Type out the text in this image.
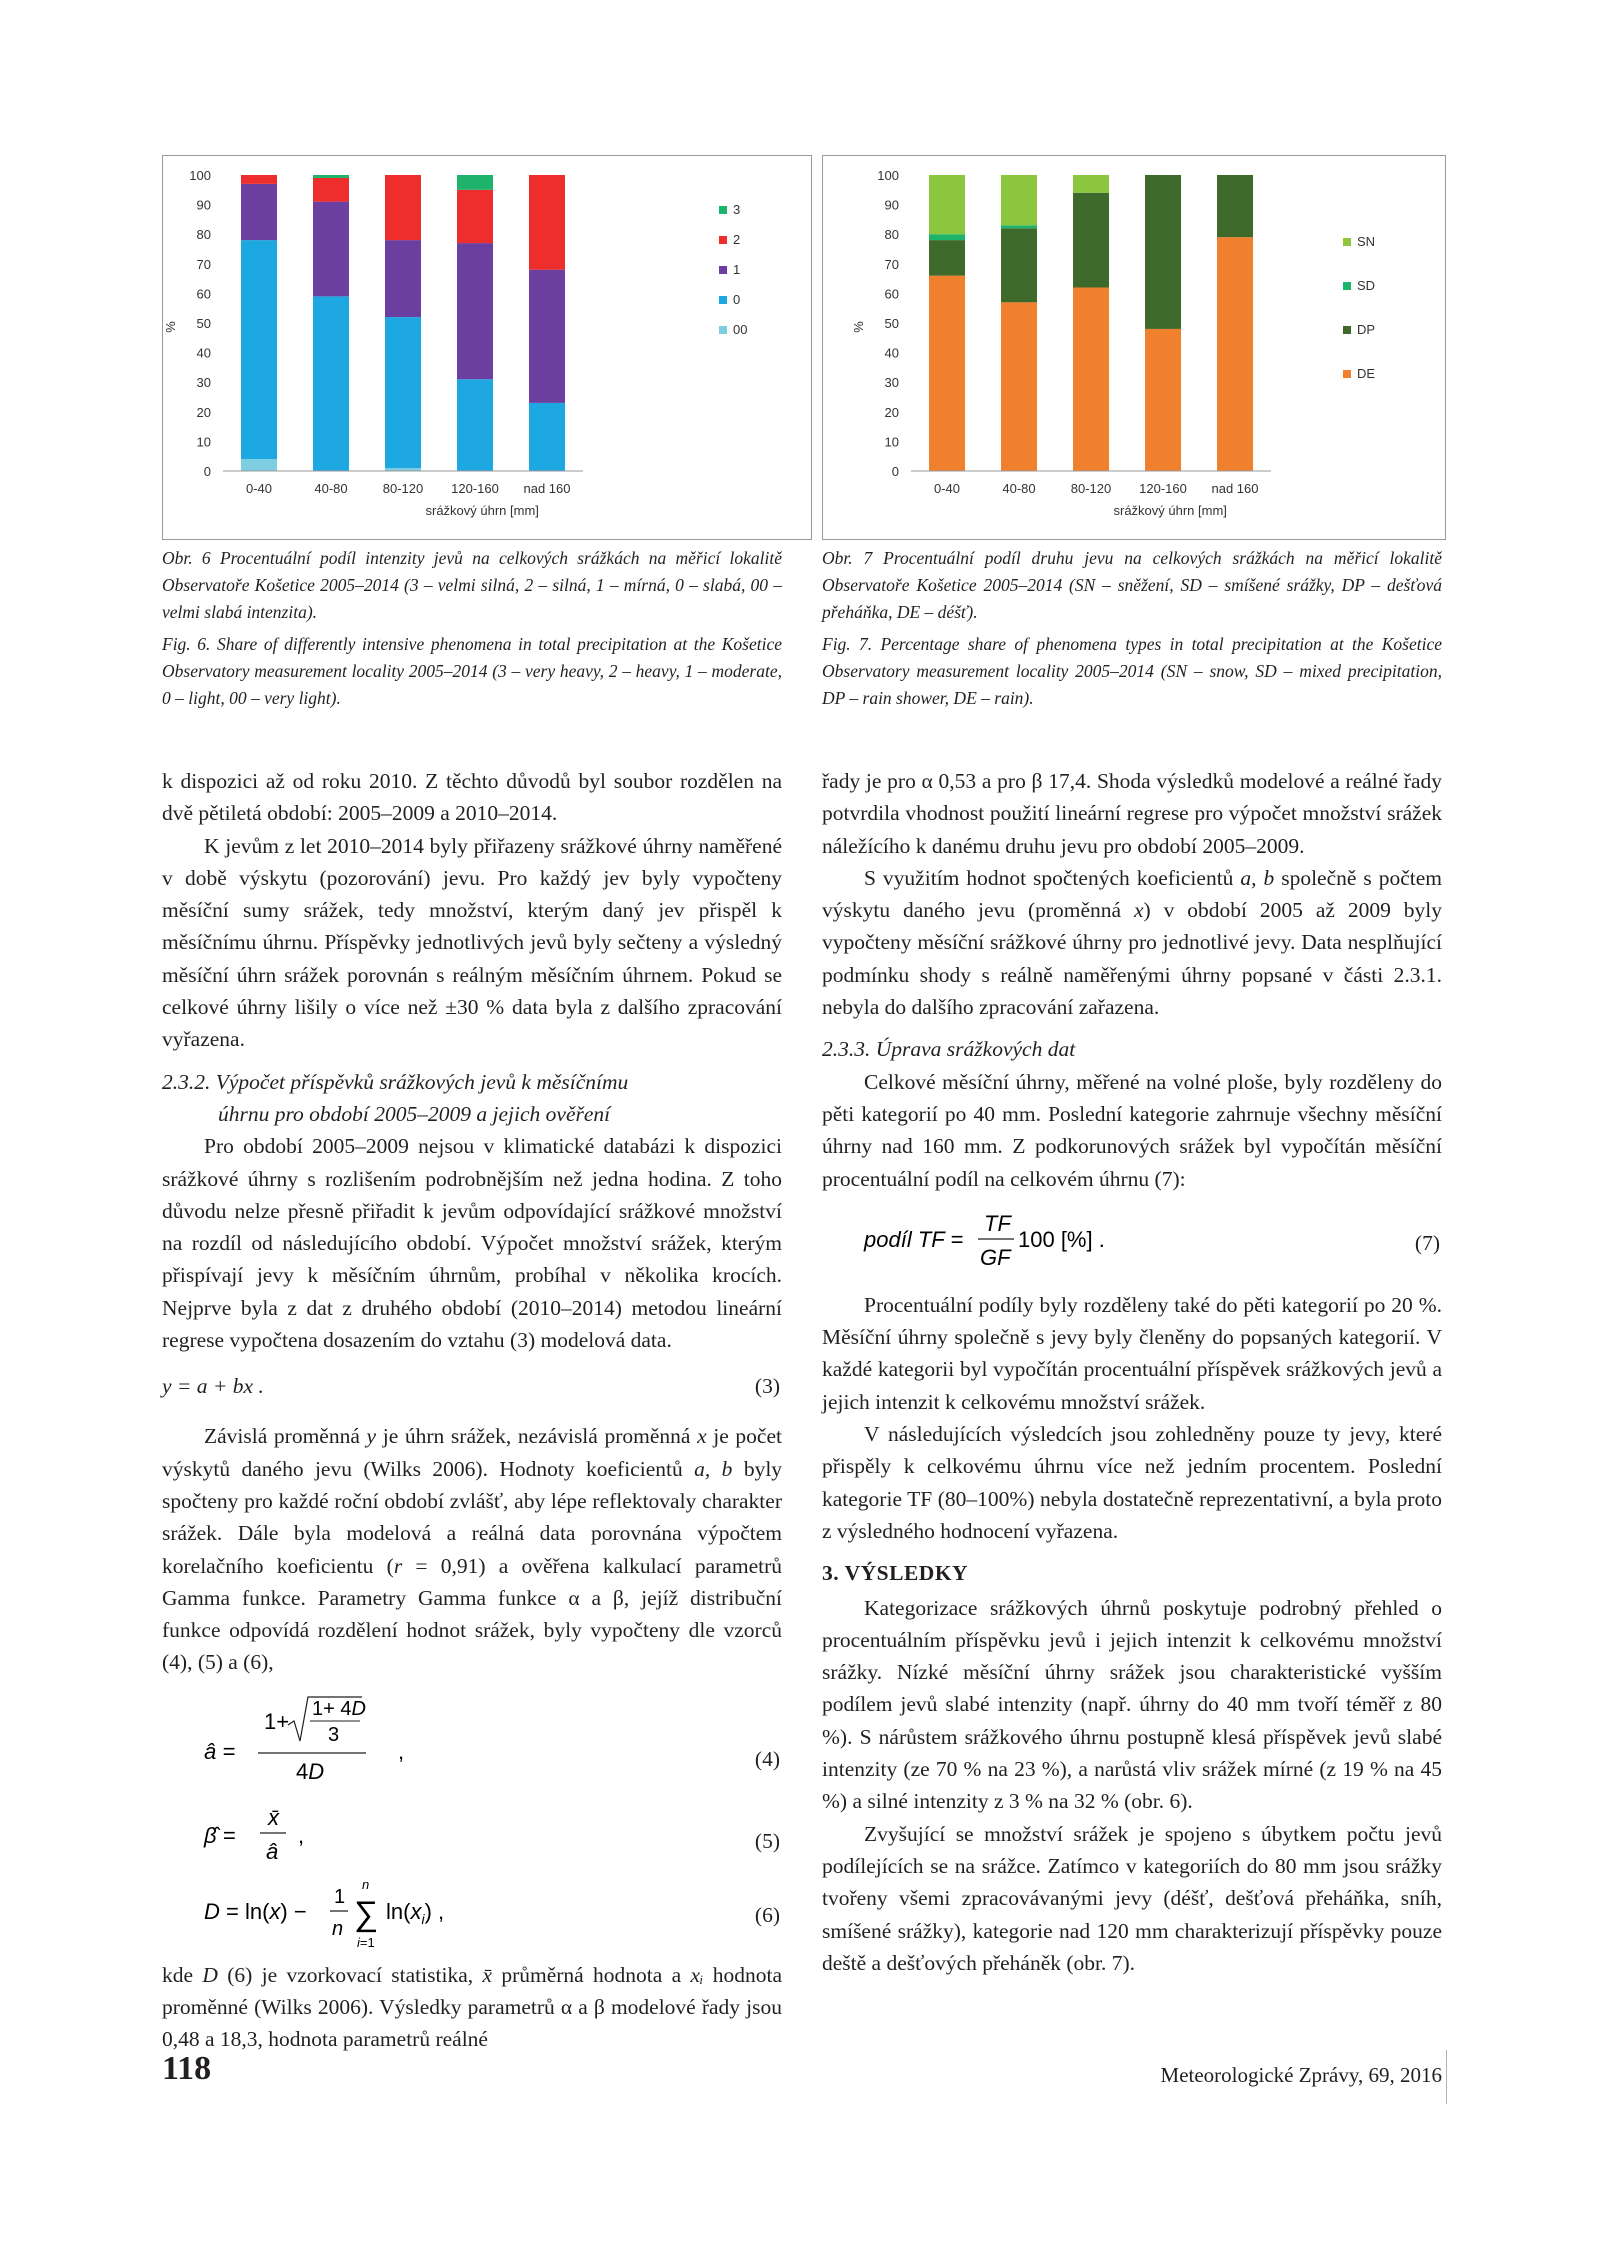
0
10
20
30
40
50
60
70
80
90
100
%
0-40	40-80	80-120 120-160 nad 160
srážkový úhrn [mm]
3
2
1
0
00
0
10
20
30
40
50
60
70
80
90
100
%
0-40	40-80	80-120 120-160 nad 160
srážkový úhrn [mm]
SN
SD
DP
DE

Obr. 6 Procentuální podíl intenzity jevů na celkových srážkách na měřicí lokalitě Observatoře Košetice 2005–2014 (3 – velmi silná, 2 – silná, 1 – mírná, 0 – slabá, 00 – velmi slabá intenzita).

Fig. 6. Share of differently intensive phenomena in total precipitation at the Košetice Observatory measurement locality 2005–2014 (3 – very heavy, 2 – heavy, 1 – moderate, 0 – light, 00 – very light).

Obr. 7 Procentuální podíl druhu jevu na celkových srážkách na měřicí lokalitě Observatoře Košetice 2005–2014 (SN – sněžení, SD – smíšené srážky, DP – dešťová přeháňka, DE – déšť).

Fig. 7. Percentage share of phenomena types in total precipitation at the Košetice Observatory measurement locality 2005–2014 (SN – snow, SD – mixed precipitation, DP – rain shower, DE – rain).

k dispozici až od roku 2010. Z těchto důvodů byl soubor rozdělen na dvě pětiletá období: 2005–2009 a 2010–2014.

K jevům z let 2010–2014 byly přiřazeny srážkové úhrny naměřené v době výskytu (pozorování) jevu. Pro každý jev byly vypočteny měsíční sumy srážek, tedy množství, kterým daný jev přispěl k měsíčnímu úhrnu. Příspěvky jednotlivých jevů byly sečteny a výsledný měsíční úhrn srážek porovnán s reálným měsíčním úhrnem. Pokud se celkové úhrny lišily o více než ±30 % data byla z dalšího zpracování vyřazena.

2.3.2. Výpočet příspěvků srážkových jevů k měsíčnímu
úhrnu pro období 2005–2009 a jejich ověření

Pro období 2005–2009 nejsou v klimatické databázi k dispozici srážkové úhrny s rozlišením podrobnějším než jedna hodina. Z toho důvodu nelze přesně přiřadit k jevům odpovídající srážkové množství na rozdíl od následujícího období. Výpočet množství srážek, kterým přispívají jevy k měsíčním úhrnům, probíhal v několika krocích. Nejprve byla z dat z druhého období (2010–2014) metodou lineární regrese vypočtena dosazením do vztahu (3) modelová data.

y = a + bx .	(3)

Závislá proměnná y je úhrn srážek, nezávislá proměnná x je počet výskytů daného jevu (Wilks 2006). Hodnoty koeficientů a, b byly spočteny pro každé roční období zvlášť, aby lépe reflektovaly charakter srážek. Dále byla modelová a reálná data porovnána výpočtem korelačního koeficientu (r = 0,91) a ověřena kalkulací parametrů Gamma funkce. Parametry Gamma funkce α a β, jejíž distribuční funkce odpovídá rozdělení hodnot srážek, byly vypočteny dle vzorců (4), (5) a (6),

â =
1+ 1+ 4D
3
4D
,	(4)
β̂ =
x̄
â
,	(5)
D = ln(x) −
1
n ∑
n
i=1
$\ln(x_i)$ ,	(6)

kde D (6) je vzorkovací statistika, x̄ průměrná hodnota a xᵢ hodnota proměnné (Wilks 2006). Výsledky parametrů α a β modelové řady jsou 0,48 a 18,3, hodnota parametrů reálné

řady je pro α 0,53 a pro β 17,4. Shoda výsledků modelové a reálné řady potvrdila vhodnost použití lineární regrese pro výpočet množství srážek náležícího k danému druhu jevu pro období 2005–2009.

S využitím hodnot spočtených koeficientů a, b společně s počtem výskytu daného jevu (proměnná x) v období 2005 až 2009 byly vypočteny měsíční srážkové úhrny pro jednotlivé jevy. Data nesplňující podmínku shody s reálně naměřenými úhrny popsané v části 2.3.1. nebyla do dalšího zpracování zařazena.

2.3.3. Úprava srážkových dat

Celkové měsíční úhrny, měřené na volné ploše, byly rozděleny do pěti kategorií po 40 mm. Poslední kategorie zahrnuje všechny měsíční úhrny nad 160 mm. Z podkorunových srážek byl vypočítán měsíční procentuální podíl na celkovém úhrnu (7):

podíl TF =
TF
GF
100 [%] .	(7)

Procentuální podíly byly rozděleny také do pěti kategorií po 20 %. Měsíční úhrny společně s jevy byly členěny do popsaných kategorií. V každé kategorii byl vypočítán procentuální příspěvek srážkových jevů a jejich intenzit k celkovému množství srážek.

V následujících výsledcích jsou zohledněny pouze ty jevy, které přispěly k celkovému úhrnu více než jedním procentem. Poslední kategorie TF (80–100%) nebyla dostatečně reprezentativní, a byla proto z výsledného hodnocení vyřazena.

3. VÝSLEDKY

Kategorizace srážkových úhrnů poskytuje podrobný přehled o procentuálním příspěvku jevů i jejich intenzit k celkovému množství srážky. Nízké měsíční úhrny srážek jsou charakteristické vyšším podílem jevů slabé intenzity (např. úhrny do 40 mm tvoří téměř z 80 %). S nárůstem srážkového úhrnu postupně klesá příspěvek jevů slabé intenzity (ze 70 % na 23 %), a narůstá vliv srážek mírné (z 19 % na 45 %) a silné intenzity z 3 % na 32 % (obr. 6).

Zvyšující se množství srážek je spojeno s úbytkem počtu jevů podílejících se na srážce. Zatímco v kategoriích do 80 mm jsou srážky tvořeny všemi zpracovávanými jevy (déšť, dešťová přeháňka, sníh, smíšené srážky), kategorie nad 120 mm charakterizují příspěvky pouze deště a dešťových přeháněk (obr. 7).

118	Meteorologické Zprávy, 69, 2016
